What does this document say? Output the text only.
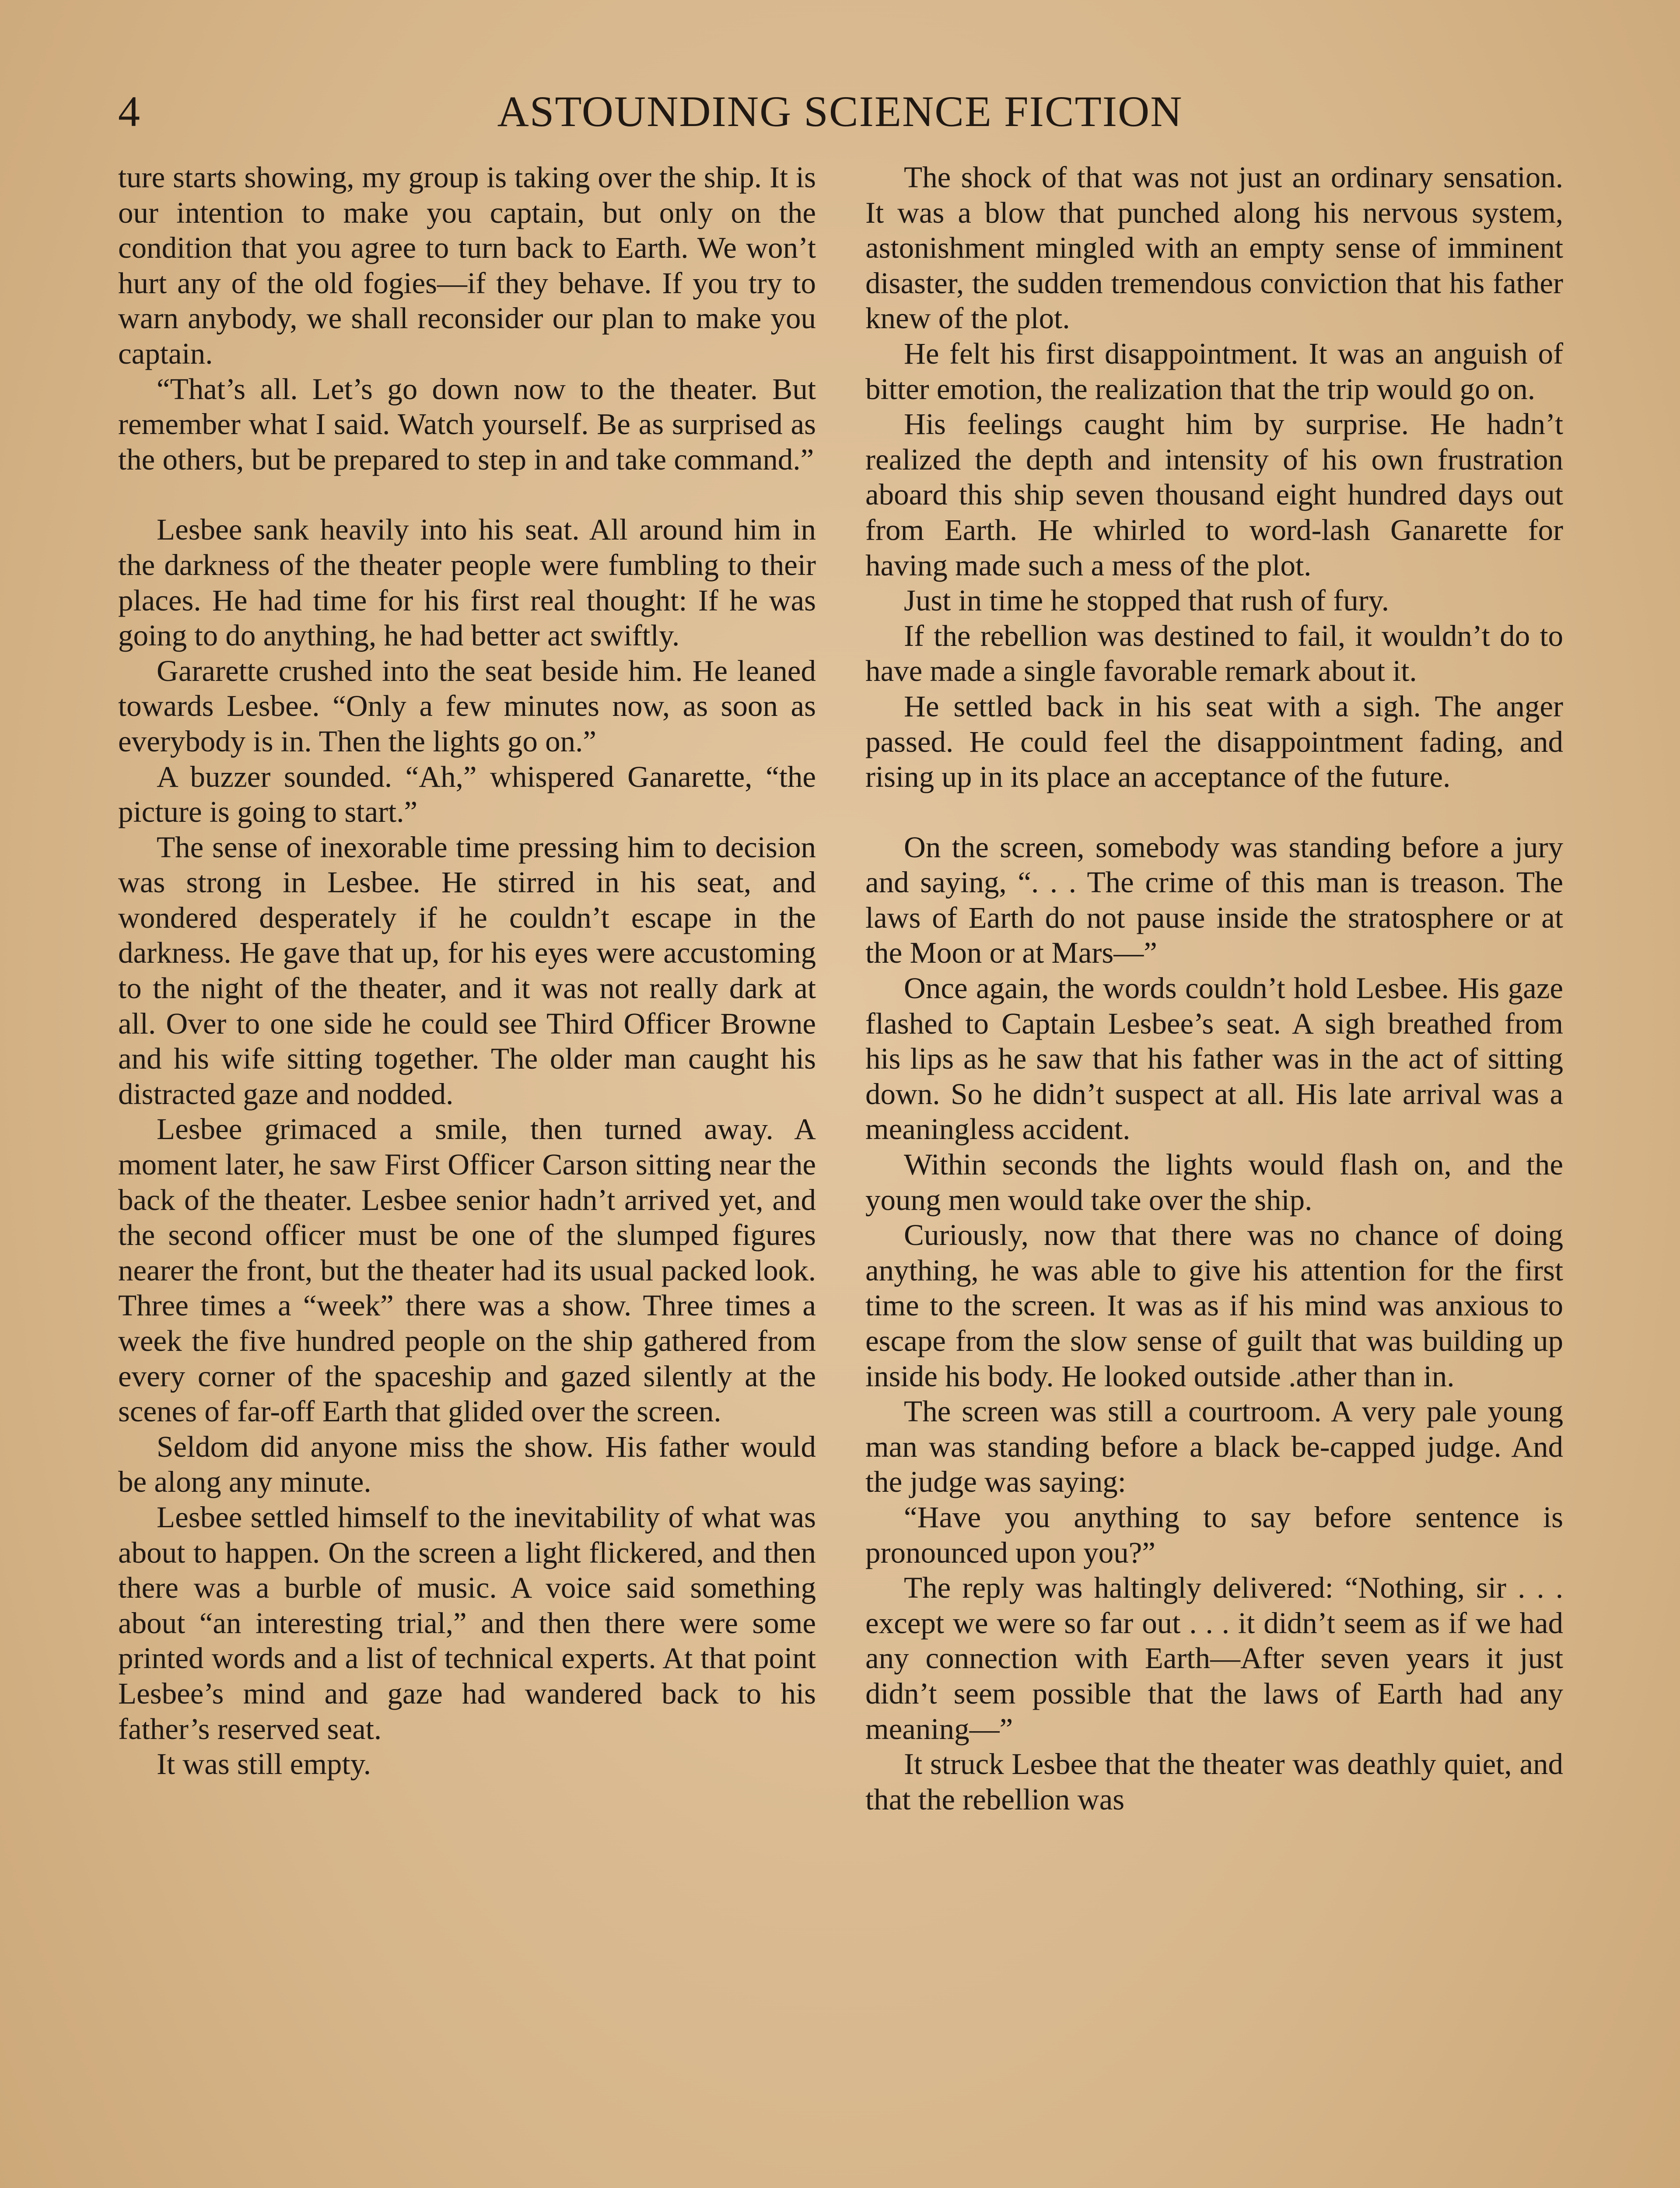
4	ASTOUNDING SCIENCE FICTION

ture starts showing, my group is taking over the ship. It is our intention to make you captain, but only on the condition that you agree to turn back to Earth. We won’t hurt any of the old fogies—if they behave. If you try to warn anybody, we shall reconsider our plan to make you captain.

“That’s all. Let’s go down now to the theater. But remember what I said. Watch yourself. Be as surprised as the others, but be prepared to step in and take command.”

Lesbee sank heavily into his seat. All around him in the darkness of the theater people were fumbling to their places. He had time for his first real thought: If he was going to do anything, he had better act swiftly.

Gararette crushed into the seat beside him. He leaned towards Lesbee. “Only a few minutes now, as soon as everybody is in. Then the lights go on.”

A buzzer sounded. “Ah,” whispered Ganarette, “the picture is going to start.”

The sense of inexorable time pressing him to decision was strong in Lesbee. He stirred in his seat, and wondered desperately if he couldn’t escape in the darkness. He gave that up, for his eyes were accustoming to the night of the theater, and it was not really dark at all. Over to one side he could see Third Officer Browne and his wife sitting together. The older man caught his distracted gaze and nodded.

Lesbee grimaced a smile, then turned away. A moment later, he saw First Officer Carson sitting near the back of the theater. Lesbee senior hadn’t arrived yet, and the second officer must be one of the slumped figures nearer the front, but the theater had its usual packed look. Three times a “week” there was a show. Three times a week the five hundred people on the ship gathered from every corner of the spaceship and gazed silently at the scenes of far-off Earth that glided over the screen.

Seldom did anyone miss the show. His father would be along any minute.

Lesbee settled himself to the inevitability of what was about to happen. On the screen a light flickered, and then there was a burble of music. A voice said something about “an interesting trial,” and then there were some printed words and a list of technical experts. At that point Lesbee’s mind and gaze had wandered back to his father’s reserved seat.

It was still empty.

The shock of that was not just an ordinary sensation. It was a blow that punched along his nervous system, astonishment mingled with an empty sense of imminent disaster, the sudden tremendous conviction that his father knew of the plot.

He felt his first disappointment. It was an anguish of bitter emotion, the realization that the trip would go on.

His feelings caught him by surprise. He hadn’t realized the depth and intensity of his own frustration aboard this ship seven thousand eight hundred days out from Earth. He whirled to word-lash Ganarette for having made such a mess of the plot.

Just in time he stopped that rush of fury.

If the rebellion was destined to fail, it wouldn’t do to have made a single favorable remark about it.

He settled back in his seat with a sigh. The anger passed. He could feel the disappointment fading, and rising up in its place an acceptance of the future.

On the screen, somebody was standing before a jury and saying, “. . . The crime of this man is treason. The laws of Earth do not pause inside the stratosphere or at the Moon or at Mars—”

Once again, the words couldn’t hold Lesbee. His gaze flashed to Captain Lesbee’s seat. A sigh breathed from his lips as he saw that his father was in the act of sitting down. So he didn’t suspect at all. His late arrival was a meaningless accident.

Within seconds the lights would flash on, and the young men would take over the ship.

Curiously, now that there was no chance of doing anything, he was able to give his attention for the first time to the screen. It was as if his mind was anxious to escape from the slow sense of guilt that was building up inside his body. He looked outside .ather than in.

The screen was still a courtroom. A very pale young man was standing before a black be-capped judge. And the judge was saying:

“Have you anything to say before sentence is pronounced upon you?”

The reply was haltingly delivered: “Nothing, sir . . . except we were so far out . . . it didn’t seem as if we had any connection with Earth—After seven years it just didn’t seem possible that the laws of Earth had any meaning—”

It struck Lesbee that the theater was deathly quiet, and that the rebellion was
